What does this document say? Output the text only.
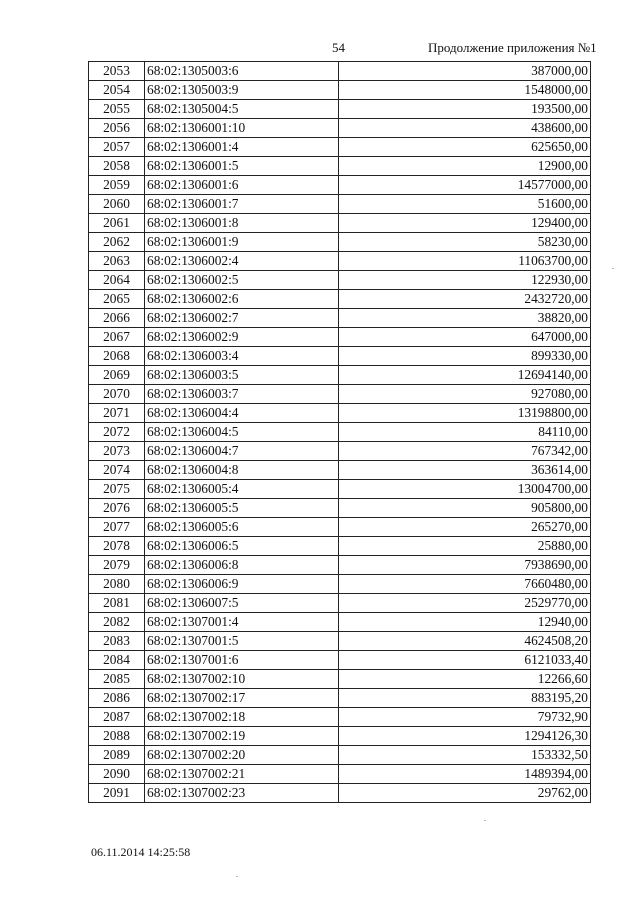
54	Продолжение приложения №1
2053	68:02:1305003:6	387000,00
2054	68:02:1305003:9	1548000,00
2055	68:02:1305004:5	193500,00
2056	68:02:1306001:10	438600,00
2057	68:02:1306001:4	625650,00
2058	68:02:1306001:5	12900,00
2059	68:02:1306001:6	14577000,00
2060	68:02:1306001:7	51600,00
2061	68:02:1306001:8	129400,00
2062	68:02:1306001:9	58230,00
2063	68:02:1306002:4	11063700,00
2064	68:02:1306002:5	122930,00
2065	68:02:1306002:6	2432720,00
2066	68:02:1306002:7	38820,00
2067	68:02:1306002:9	647000,00
2068	68:02:1306003:4	899330,00
2069	68:02:1306003:5	12694140,00
2070	68:02:1306003:7	927080,00
2071	68:02:1306004:4	13198800,00
2072	68:02:1306004:5	84110,00
2073	68:02:1306004:7	767342,00
2074	68:02:1306004:8	363614,00
2075	68:02:1306005:4	13004700,00
2076	68:02:1306005:5	905800,00
2077	68:02:1306005:6	265270,00
2078	68:02:1306006:5	25880,00
2079	68:02:1306006:8	7938690,00
2080	68:02:1306006:9	7660480,00
2081	68:02:1306007:5	2529770,00
2082	68:02:1307001:4	12940,00
2083	68:02:1307001:5	4624508,20
2084	68:02:1307001:6	6121033,40
2085	68:02:1307002:10	12266,60
2086	68:02:1307002:17	883195,20
2087	68:02:1307002:18	79732,90
2088	68:02:1307002:19	1294126,30
2089	68:02:1307002:20	153332,50
2090	68:02:1307002:21	1489394,00
2091	68:02:1307002:23	29762,00
06.11.2014 14:25:58
